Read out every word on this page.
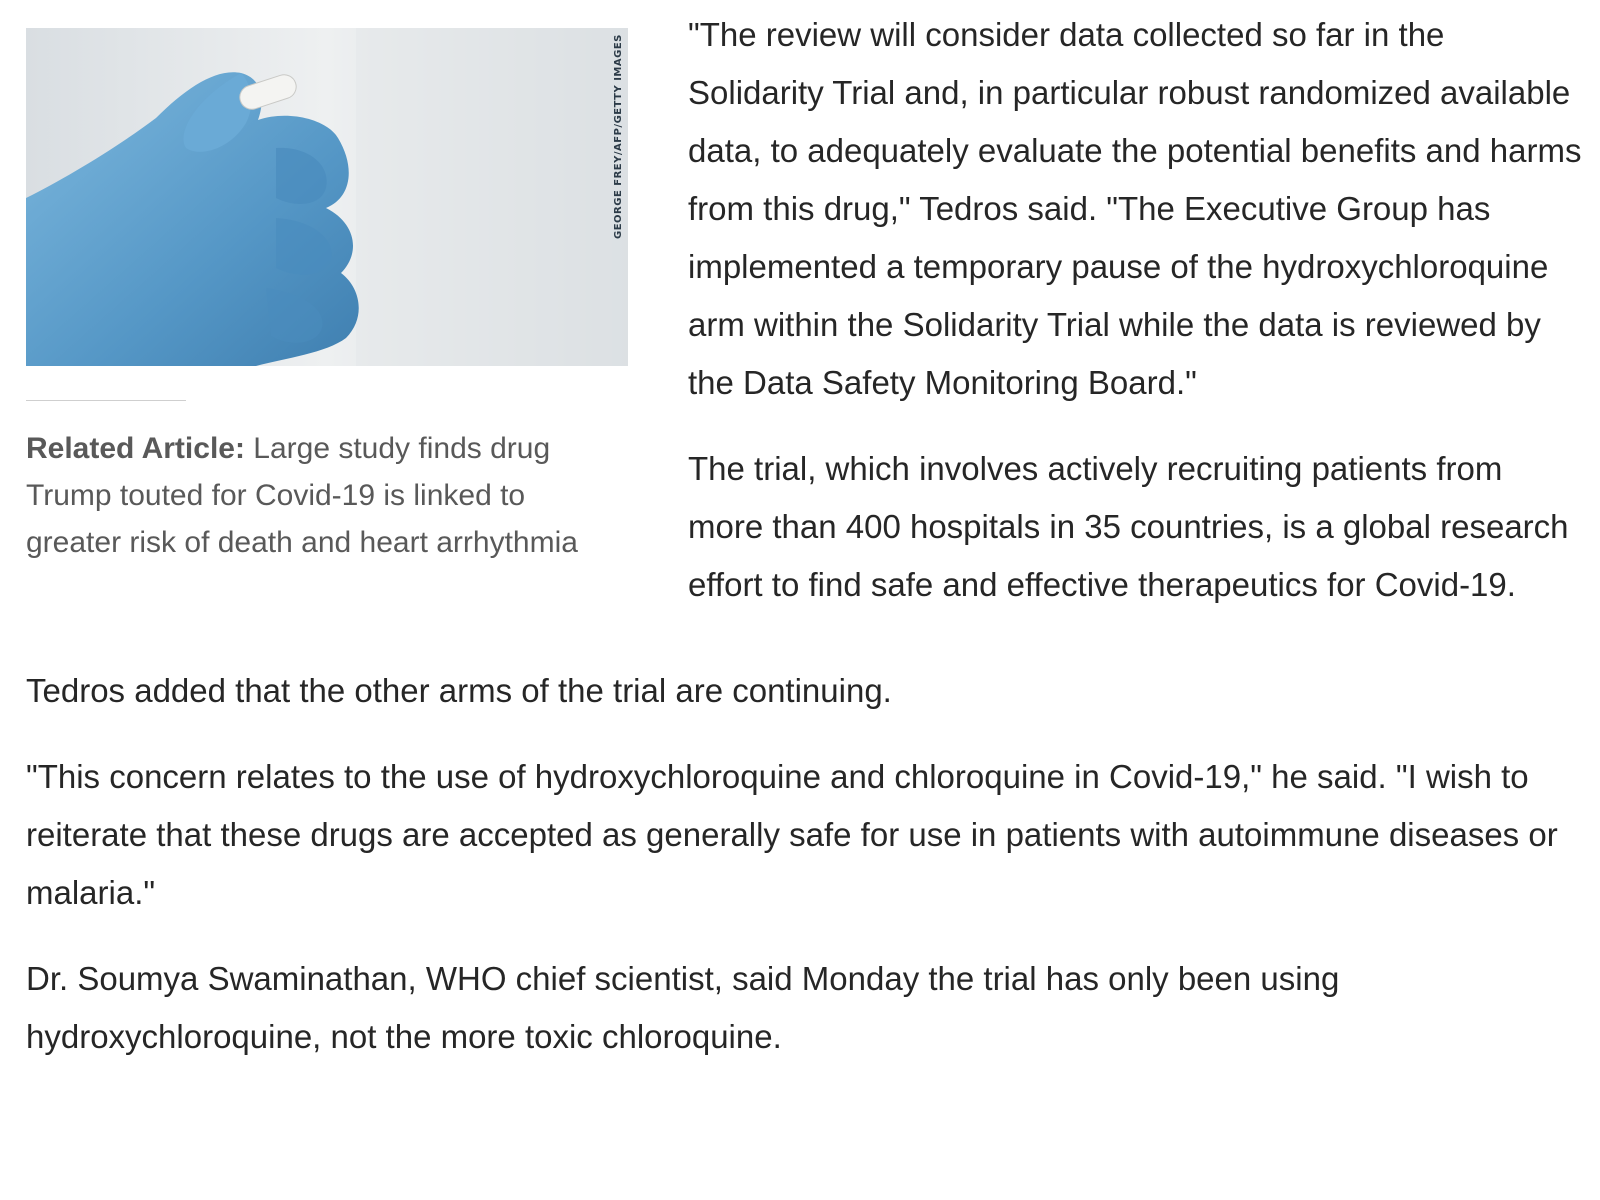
GEORGE FREY/AFP/GETTY IMAGES

Related Article: Large study finds drug Trump touted for Covid-19 is linked to greater risk of death and heart arrhythmia

"The review will consider data collected so far in the Solidarity Trial and, in particular robust randomized available data, to adequately evaluate the potential benefits and harms from this drug," Tedros said. "The Executive Group has implemented a temporary pause of the hydroxychloroquine arm within the Solidarity Trial while the data is reviewed by the Data Safety Monitoring Board."

The trial, which involves actively recruiting patients from more than 400 hospitals in 35 countries, is a global research effort to find safe and effective therapeutics for Covid-19.

Tedros added that the other arms of the trial are continuing.

"This concern relates to the use of hydroxychloroquine and chloroquine in Covid-19," he said. "I wish to reiterate that these drugs are accepted as generally safe for use in patients with autoimmune diseases or malaria."

Dr. Soumya Swaminathan, WHO chief scientist, said Monday the trial has only been using hydroxychloroquine, not the more toxic chloroquine.
